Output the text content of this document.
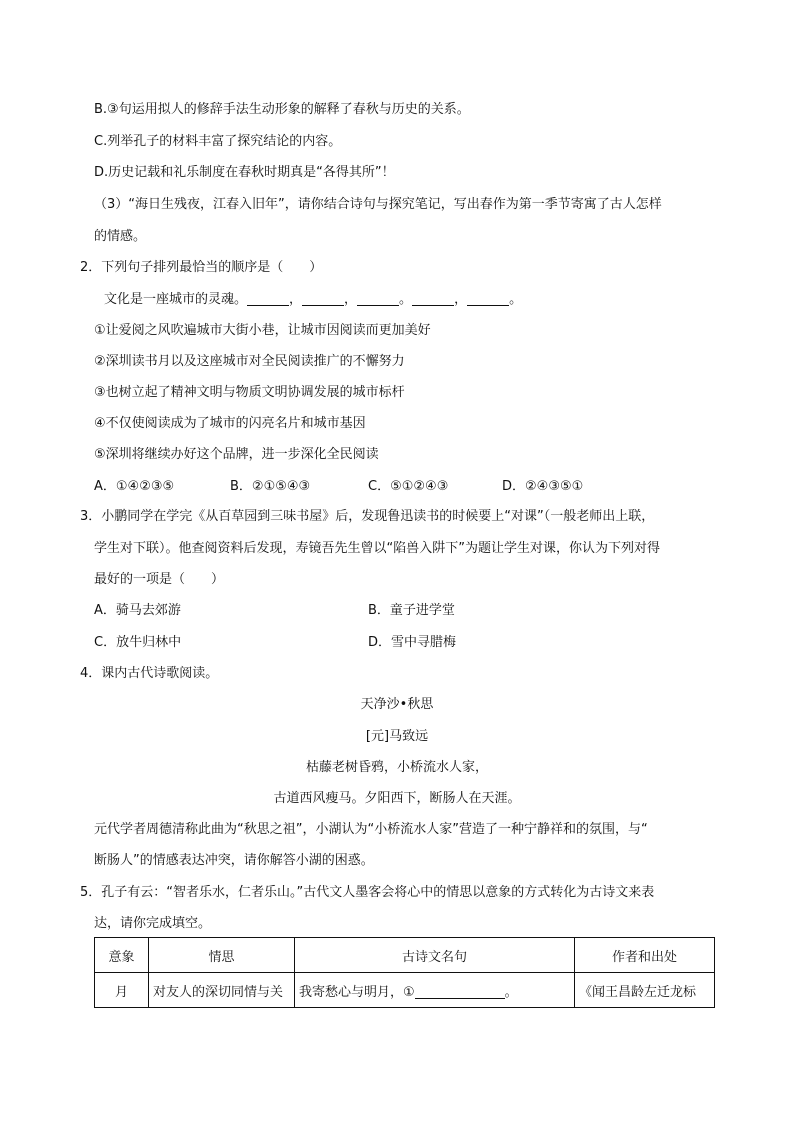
B.③句运用拟人的修辞手法生动形象的解释了春秋与历史的关系。
C.列举孔子的材料丰富了探究结论的内容。
D.历史记载和礼乐制度在春秋时期真是“各得其所”！
（3）“海日生残夜，江春入旧年”，请你结合诗句与探究笔记，写出春作为第一季节寄寓了古人怎样
的情感。
2．下列句子排列最恰当的顺序是（　　）
文化是一座城市的灵魂。	，	，	。	，	。
①让爱阅之风吹遍城市大街小巷，让城市因阅读而更加美好
②深圳读书月以及这座城市对全民阅读推广的不懈努力
③也树立起了精神文明与物质文明协调发展的城市标杆
④不仅使阅读成为了城市的闪亮名片和城市基因
⑤深圳将继续办好这个品牌，进一步深化全民阅读
A．①④②③⑤	B．②①⑤④③	C．⑤①②④③	D．②④③⑤①
3．小鹏同学在学完《从百草园到三味书屋》后，发现鲁迅读书的时候要上“对课”（一般老师出上联，
学生对下联）。他查阅资料后发现，寿镜吾先生曾以“陷兽入阱下”为题让学生对课，你认为下列对得
最好的一项是（　　）
A．骑马去郊游	B．童子进学堂
C．放牛归林中	D．雪中寻腊梅
4．课内古代诗歌阅读。
天净沙•秋思
[元]马致远
枯藤老树昏鸦，小桥流水人家，
古道西风瘦马。夕阳西下，断肠人在天涯。
元代学者周德清称此曲为“秋思之祖”，小湖认为“小桥流水人家”营造了一种宁静祥和的氛围，与“
断肠人”的情感表达冲突，请你解答小湖的困惑。
5．孔子有云：“智者乐水，仁者乐山。”古代文人墨客会将心中的情思以意象的方式转化为古诗文来表
达，请你完成填空。
意象	情思	古诗文名句	作者和出处
月	对友人的深切同情与关	我寄愁心与明月，① 。	《闻王昌龄左迁龙标
